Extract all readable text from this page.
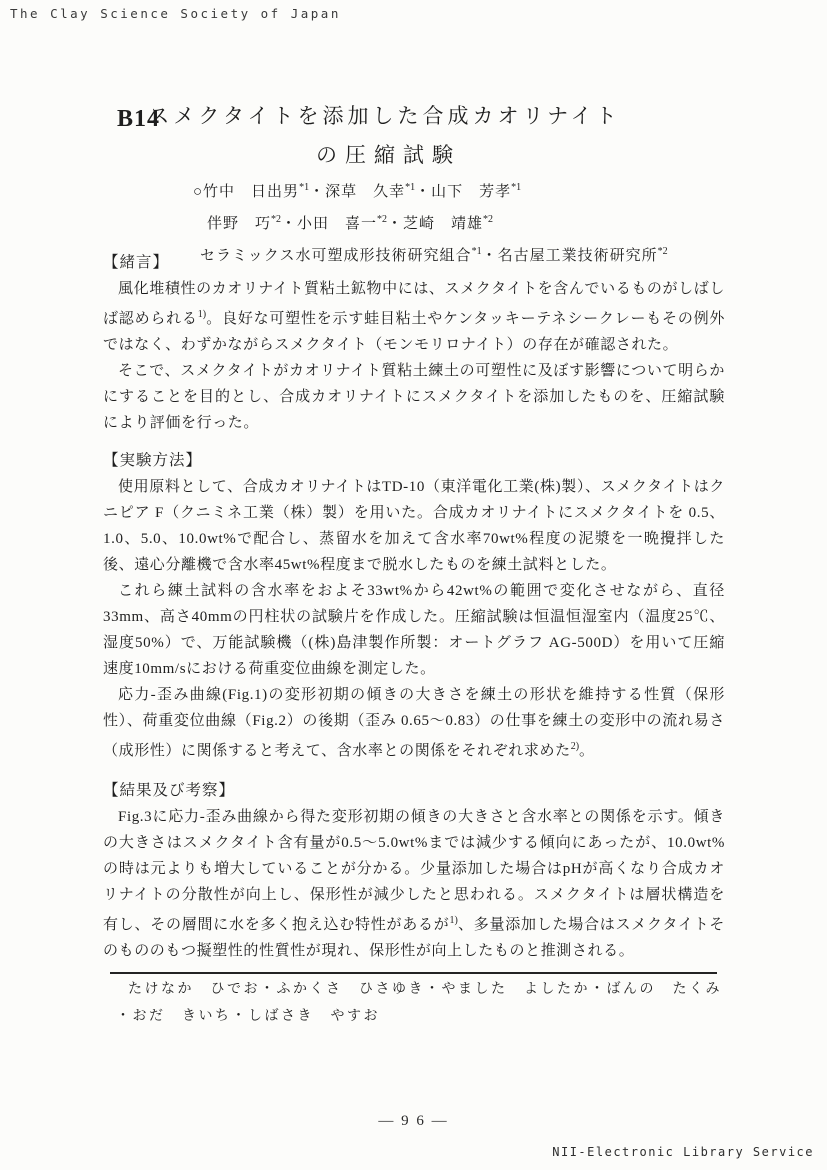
The Clay Science Society of Japan
B14
スメクタイトを添加した合成カオリナイト
の圧縮試験
○竹中　日出男$^{*1}$・深草　久幸$^{*1}$・山下　芳孝$^{*1}$
伴野　巧$^{*2}$・小田　喜一$^{*2}$・芝崎　靖雄$^{*2}$
セラミックス水可塑成形技術研究組合$^{*1}$・名古屋工業技術研究所$^{*2}$
【緒言】

風化堆積性のカオリナイト質粘土鉱物中には、スメクタイトを含んでいるものがしばしば認められる$^{1)}$。良好な可塑性を示す蛙目粘土やケンタッキーテネシークレーもその例外ではなく、わずかながらスメクタイト（モンモリロナイト）の存在が確認された。

そこで、スメクタイトがカオリナイト質粘土練土の可塑性に及ぼす影響について明らかにすることを目的とし、合成カオリナイトにスメクタイトを添加したものを、圧縮試験により評価を行った。

【実験方法】

使用原料として、合成カオリナイトはTD-10（東洋電化工業(株)製）、スメクタイトはクニピア F（クニミネ工業（株）製）を用いた。合成カオリナイトにスメクタイトを 0.5、1.0、5.0、10.0wt%で配合し、蒸留水を加えて含水率70wt%程度の泥漿を一晩攪拌した後、遠心分離機で含水率45wt%程度まで脱水したものを練土試料とした。

これら練土試料の含水率をおよそ33wt%から42wt%の範囲で変化させながら、直径33mm、高さ40mmの円柱状の試験片を作成した。圧縮試験は恒温恒湿室内（温度25℃、湿度50%）で、万能試験機（(株)島津製作所製：オートグラフ AG-500D）を用いて圧縮速度10mm/sにおける荷重変位曲線を測定した。

応力-歪み曲線(Fig.1)の変形初期の傾きの大きさを練土の形状を維持する性質（保形性）、荷重変位曲線（Fig.2）の後期（歪み 0.65～0.83）の仕事を練土の変形中の流れ易さ（成形性）に関係すると考えて、含水率との関係をそれぞれ求めた$^{2)}$。

【結果及び考察】

Fig.3に応力-歪み曲線から得た変形初期の傾きの大きさと含水率との関係を示す。傾きの大きさはスメクタイト含有量が0.5～5.0wt%までは減少する傾向にあったが、10.0wt%の時は元よりも増大していることが分かる。少量添加した場合はpHが高くなり合成カオリナイトの分散性が向上し、保形性が減少したと思われる。スメクタイトは層状構造を有し、その層間に水を多く抱え込む特性があるが$^{1)}$、多量添加した場合はスメクタイトそのもののもつ擬塑性的性質性が現れ、保形性が向上したものと推測される。

たけなか　ひでお・ふかくさ　ひさゆき・やました　よしたか・ばんの　たくみ
・おだ　きいち・しばさき　やすお
— 9 6 —
NII-Electronic Library Service
